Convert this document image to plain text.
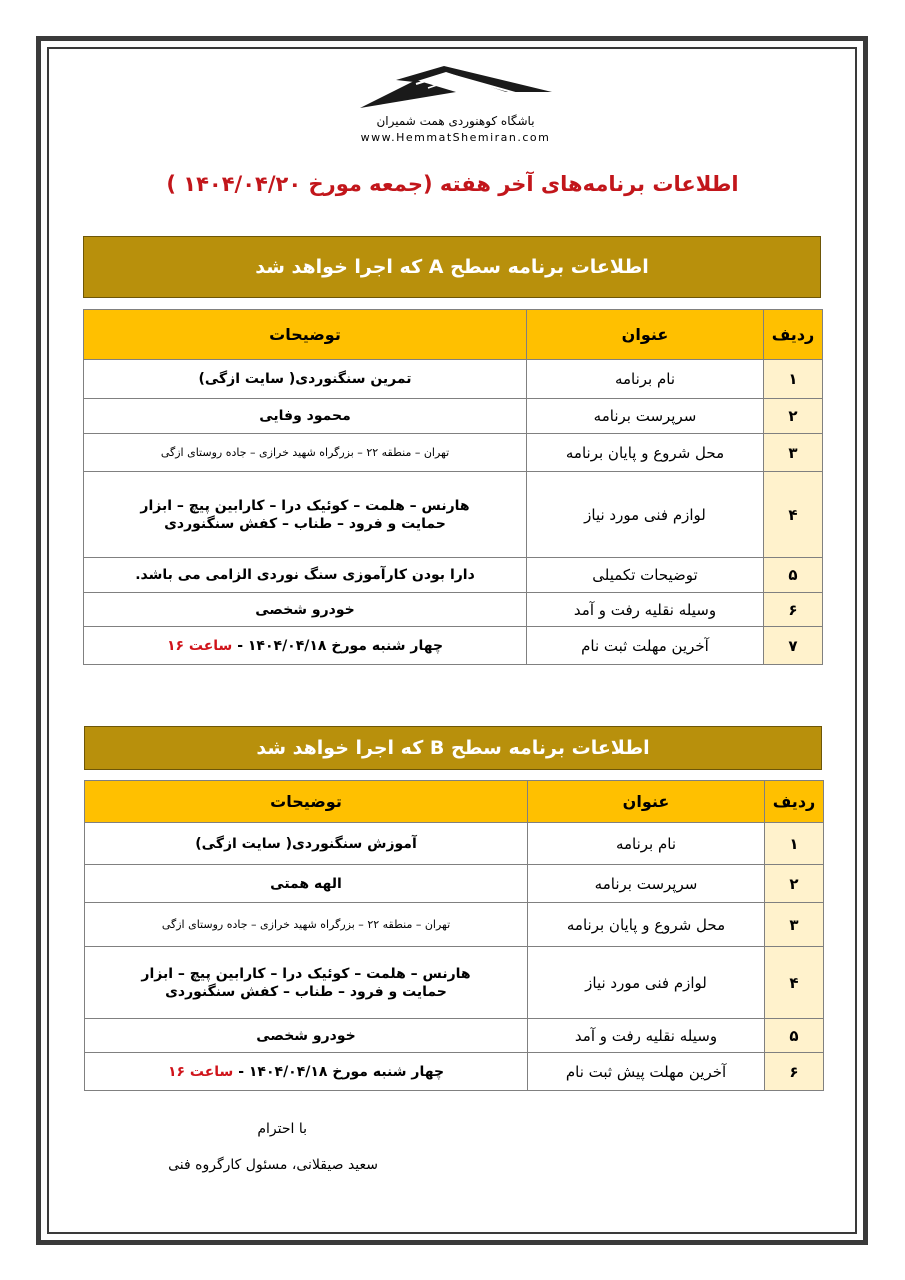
باشگاه کوهنوردی همت شمیران
www.HemmatShemiran.com
اطلاعات برنامه‌های آخر هفته (جمعه مورخ ۱۴۰۴/۰۴/۲۰ )
اطلاعات برنامه سطح A که اجرا خواهد شد
ردیف	عنوان	توضیحات
۱	نام برنامه	تمرین سنگنوردی( سایت ازگی)
۲	سرپرست برنامه	محمود وفایی
۳	محل شروع و پایان برنامه	تهران – منطقه ۲۲ – بزرگراه شهید خرازی – جاده روستای ازگی
۴	لوازم فنی مورد نیاز	هارنس – هلمت – کوئیک درا – کارابین پیچ – ابزار
حمایت و فرود – طناب – کفش سنگنوردی

۵	توضیحات تکمیلی	دارا بودن کارآموزی سنگ نوردی الزامی می باشد.
۶	وسیله نقلیه رفت و آمد	خودرو شخصی
۷	آخرین مهلت ثبت نام	چهار شنبه مورخ ۱۴۰۴/۰۴/۱۸ - ساعت ۱۶
اطلاعات برنامه سطح B که اجرا خواهد شد
ردیف	عنوان	توضیحات
۱	نام برنامه	آموزش سنگنوردی( سایت ازگی)
۲	سرپرست برنامه	الهه همتی
۳	محل شروع و پایان برنامه	تهران – منطقه ۲۲ – بزرگراه شهید خرازی – جاده روستای ازگی
۴	لوازم فنی مورد نیاز	هارنس – هلمت – کوئیک درا – کارابین پیچ – ابزار
حمایت و فرود – طناب – کفش سنگنوردی

۵	وسیله نقلیه رفت و آمد	خودرو شخصی
۶	آخرین مهلت پیش ثبت نام	چهار شنبه مورخ ۱۴۰۴/۰۴/۱۸ - ساعت ۱۶
با احترام
سعید صیقلانی، مسئول کارگروه فنی
